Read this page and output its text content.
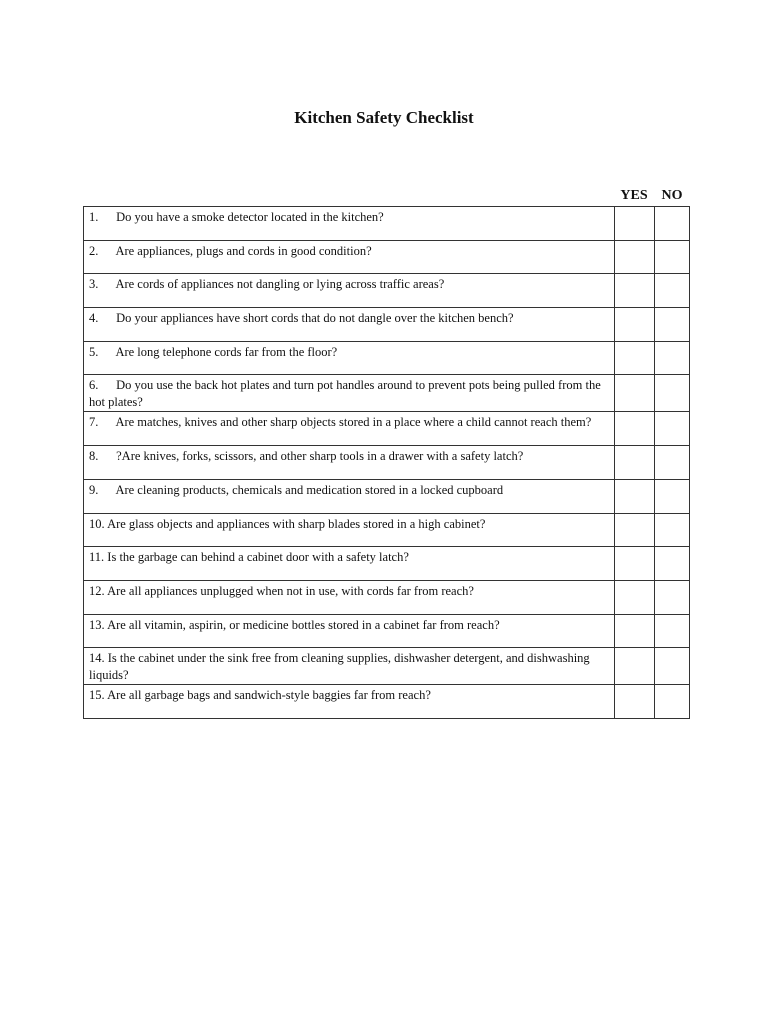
Kitchen Safety Checklist
YES NO
1. Do you have a smoke detector located in the kitchen?		
2. Are appliances, plugs and cords in good condition?		
3. Are cords of appliances not dangling or lying across traffic areas?		
4. Do your appliances have short cords that do not dangle over the kitchen bench?		
5. Are long telephone cords far from the floor?		
6. Do you use the back hot plates and turn pot handles around to prevent pots being pulled from the hot plates?		
7. Are matches, knives and other sharp objects stored in a place where a child cannot reach them?		
8. ?Are knives, forks, scissors, and other sharp tools in a drawer with a safety latch?		
9. Are cleaning products, chemicals and medication stored in a locked cupboard		
10. Are glass objects and appliances with sharp blades stored in a high cabinet?		
11. Is the garbage can behind a cabinet door with a safety latch?		
12. Are all appliances unplugged when not in use, with cords far from reach?		
13. Are all vitamin, aspirin, or medicine bottles stored in a cabinet far from reach?		
14. Is the cabinet under the sink free from cleaning supplies, dishwasher detergent, and dishwashing liquids?		
15. Are all garbage bags and sandwich-style baggies far from reach?		
